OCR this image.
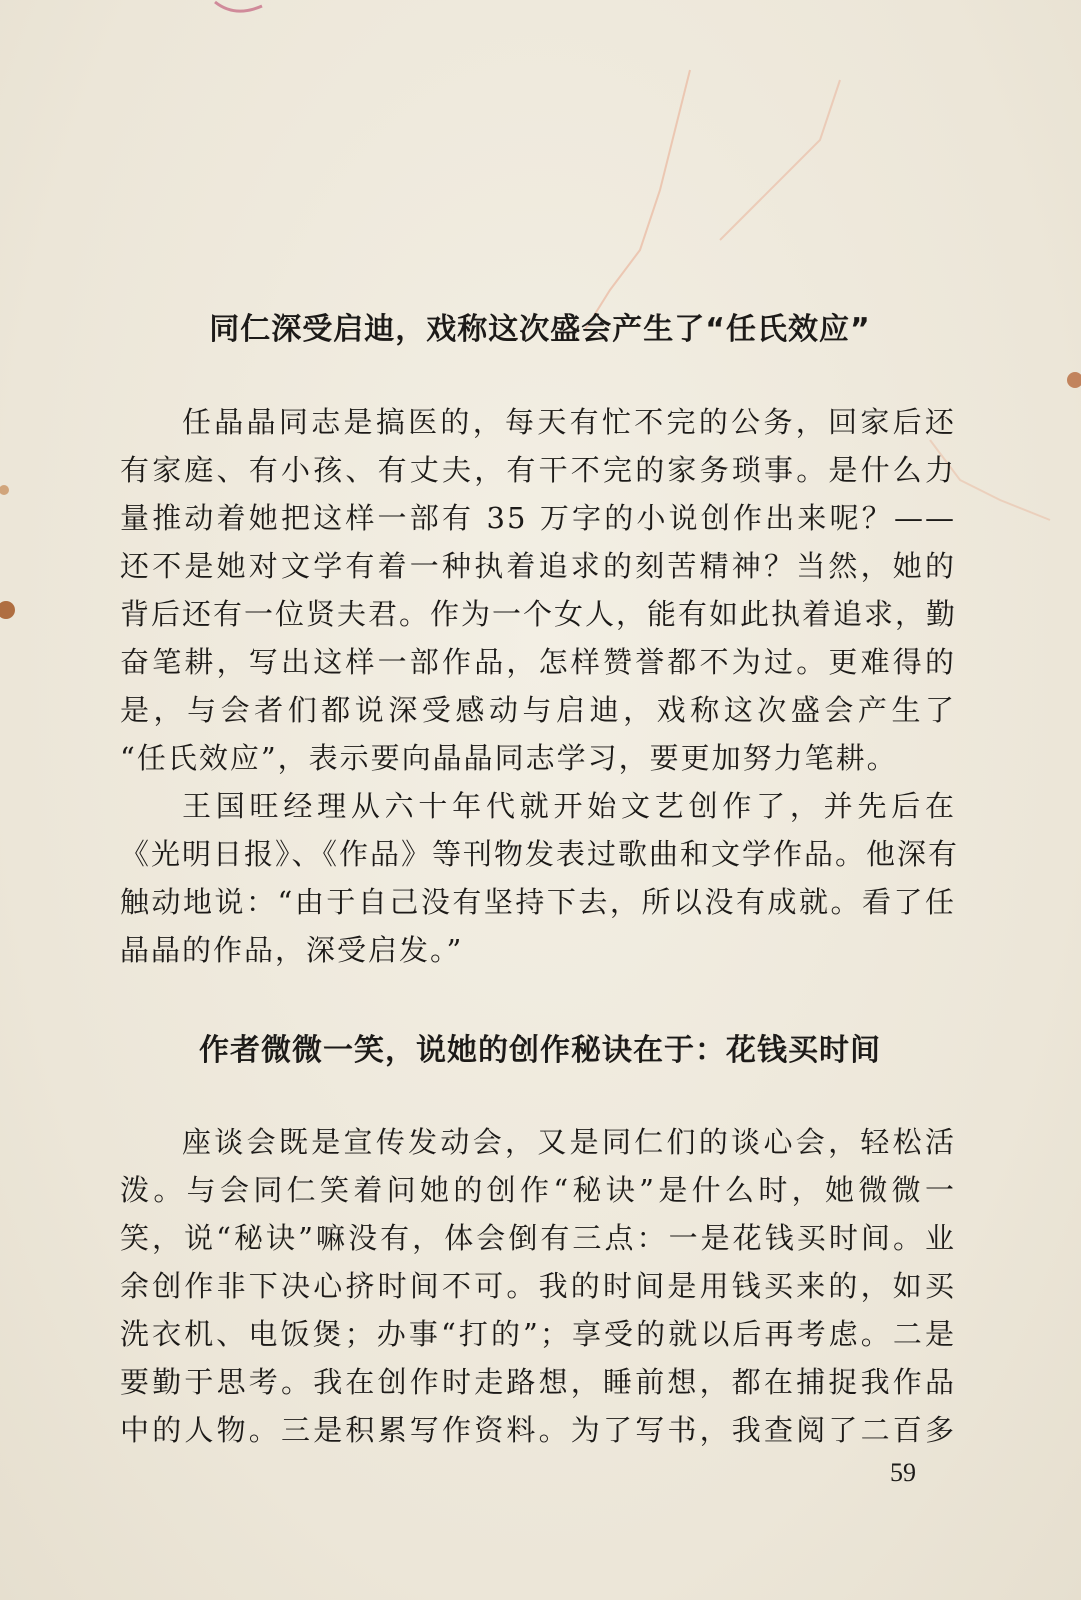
同仁深受启迪，戏称这次盛会产生了“任氏效应”
任晶晶同志是搞医的，每天有忙不完的公务，回家后还
有家庭、有小孩、有丈夫，有干不完的家务琐事。是什么力
量推动着她把这样一部有 35 万字的小说创作出来呢？——
还不是她对文学有着一种执着追求的刻苦精神？当然，她的
背后还有一位贤夫君。作为一个女人，能有如此执着追求，勤
奋笔耕，写出这样一部作品，怎样赞誉都不为过。更难得的
是，与会者们都说深受感动与启迪，戏称这次盛会产生了
“任氏效应”，表示要向晶晶同志学习，要更加努力笔耕。
王国旺经理从六十年代就开始文艺创作了，并先后在
《光明日报》、《作品》等刊物发表过歌曲和文学作品。他深有
触动地说：“由于自己没有坚持下去，所以没有成就。看了任
晶晶的作品，深受启发。”
作者微微一笑，说她的创作秘诀在于：花钱买时间
座谈会既是宣传发动会，又是同仁们的谈心会，轻松活
泼。与会同仁笑着问她的创作“秘诀”是什么时，她微微一
笑，说“秘诀”嘛没有，体会倒有三点：一是花钱买时间。业
余创作非下决心挤时间不可。我的时间是用钱买来的，如买
洗衣机、电饭煲；办事“打的”；享受的就以后再考虑。二是
要勤于思考。我在创作时走路想，睡前想，都在捕捉我作品
中的人物。三是积累写作资料。为了写书，我查阅了二百多
59
